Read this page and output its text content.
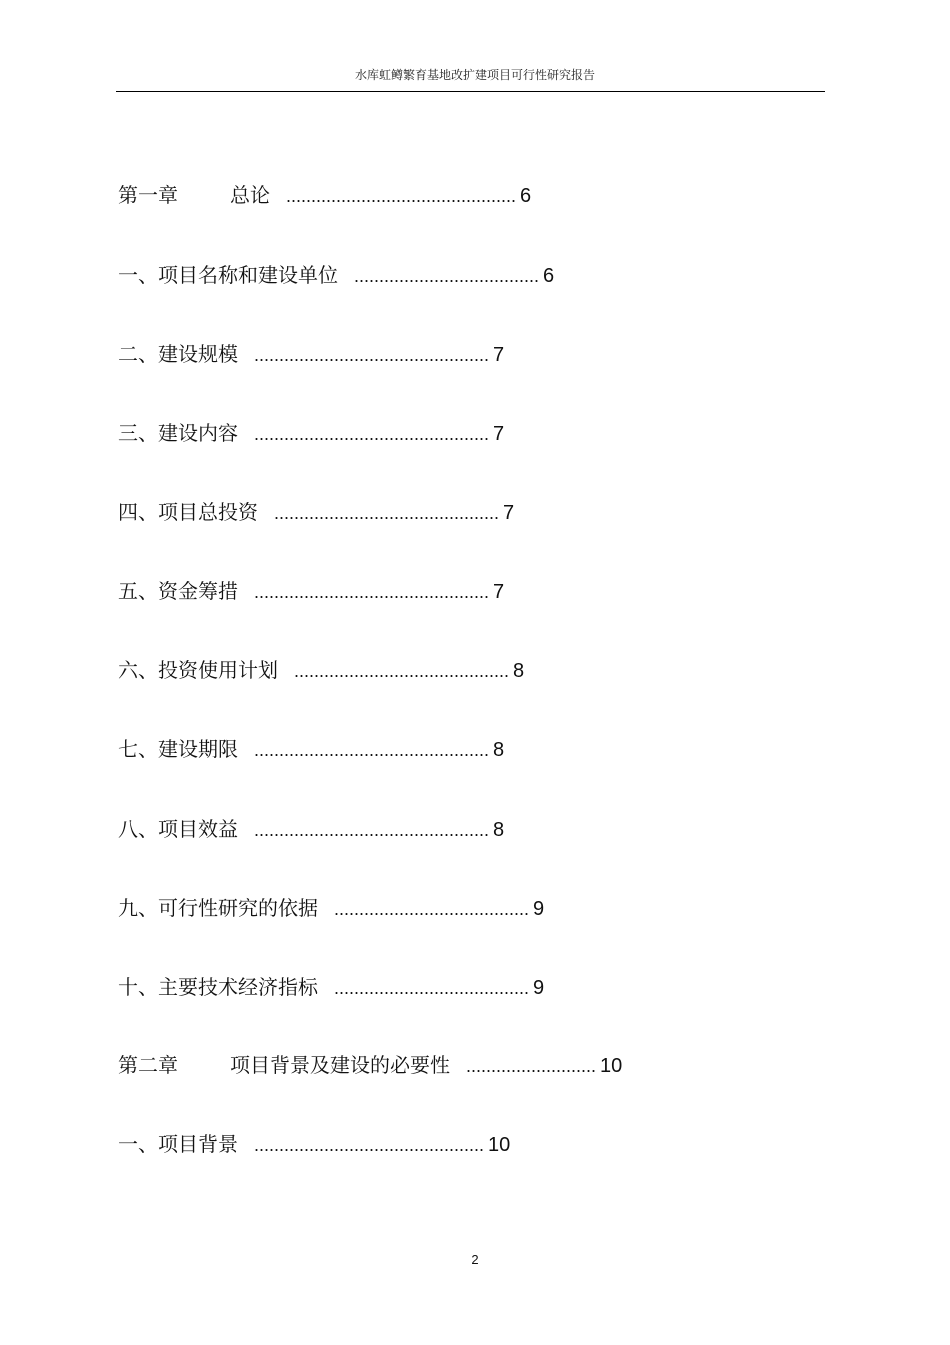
水库虹鳟繁育基地改扩建项目可行性研究报告
第一章	总论 .............................................. 6
一、项目名称和建设单位 ..................................... 6
二、建设规模 ............................................... 7
三、建设内容 ............................................... 7
四、项目总投资 ............................................. 7
五、资金筹措 ............................................... 7
六、投资使用计划 ........................................... 8
七、建设期限 ............................................... 8
八、项目效益 ............................................... 8
九、可行性研究的依据 ....................................... 9
十、主要技术经济指标 ....................................... 9
第二章	项目背景及建设的必要性 .......................... 10
一、项目背景 .............................................. 10
2
